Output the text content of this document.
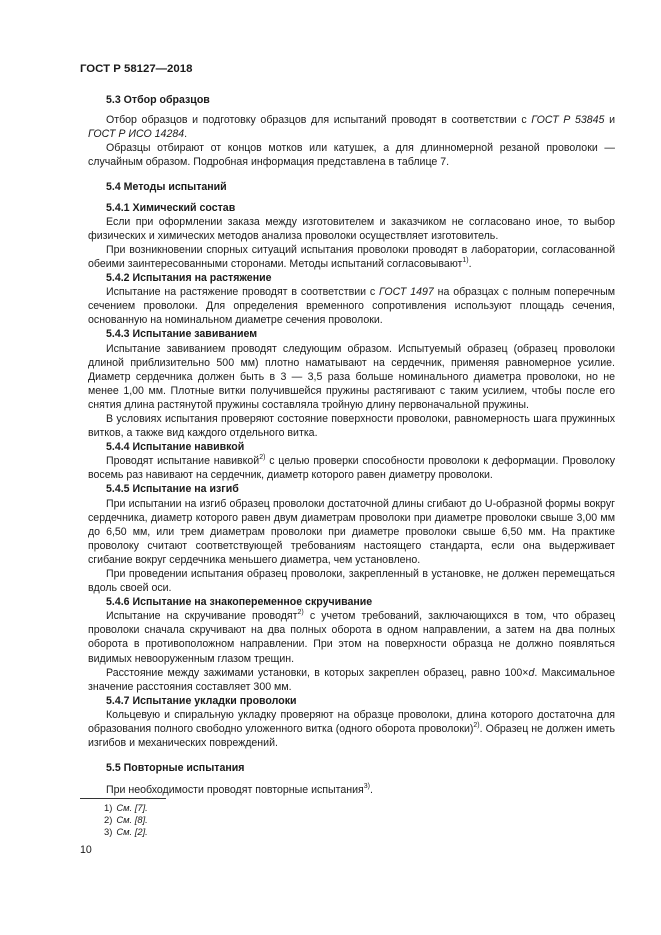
ГОСТ Р 58127—2018
5.3 Отбор образцов

Отбор образцов и подготовку образцов для испытаний проводят в соответствии с ГОСТ Р 53845 и ГОСТ Р ИСО 14284.

Образцы отбирают от концов мотков или катушек, а для длинномерной резаной проволоки — случайным образом. Подробная информация представлена в таблице 7.

5.4 Методы испытаний
5.4.1 Химический состав

Если при оформлении заказа между изготовителем и заказчиком не согласовано иное, то выбор физических и химических методов анализа проволоки осуществляет изготовитель.

При возникновении спорных ситуаций испытания проволоки проводят в лаборатории, согласованной обеими заинтересованными сторонами. Методы испытаний согласовывают$^{1)}$.

5.4.2 Испытания на растяжение

Испытание на растяжение проводят в соответствии с ГОСТ 1497 на образцах с полным поперечным сечением проволоки. Для определения временного сопротивления используют площадь сечения, основанную на номинальном диаметре сечения проволоки.

5.4.3 Испытание завиванием

Испытание завиванием проводят следующим образом. Испытуемый образец (образец проволоки длиной приблизительно 500 мм) плотно наматывают на сердечник, применяя равномерное усилие. Диаметр сердечника должен быть в 3 — 3,5 раза больше номинального диаметра проволоки, но не менее 1,00 мм. Плотные витки получившейся пружины растягивают с таким усилием, чтобы после его снятия длина растянутой пружины составляла тройную длину первоначальной пружины.

В условиях испытания проверяют состояние поверхности проволоки, равномерность шага пружинных витков, а также вид каждого отдельного витка.

5.4.4 Испытание навивкой

Проводят испытание навивкой$^{2)}$ с целью проверки способности проволоки к деформации. Проволоку восемь раз навивают на сердечник, диаметр которого равен диаметру проволоки.

5.4.5 Испытание на изгиб

При испытании на изгиб образец проволоки достаточной длины сгибают до U-образной формы вокруг сердечника, диаметр которого равен двум диаметрам проволоки при диаметре проволоки свыше 3,00 мм до 6,50 мм, или трем диаметрам проволоки при диаметре проволоки свыше 6,50 мм. На практике проволоку считают соответствующей требованиям настоящего стандарта, если она выдерживает сгибание вокруг сердечника меньшего диаметра, чем установлено.

При проведении испытания образец проволоки, закрепленный в установке, не должен перемещаться вдоль своей оси.

5.4.6 Испытание на знакопеременное скручивание

Испытание на скручивание проводят$^{2)}$ с учетом требований, заключающихся в том, что образец проволоки сначала скручивают на два полных оборота в одном направлении, а затем на два полных оборота в противоположном направлении. При этом на поверхности образца не должно появляться видимых невооруженным глазом трещин.

Расстояние между зажимами установки, в которых закреплен образец, равно 100×d. Максимальное значение расстояния составляет 300 мм.

5.4.7 Испытание укладки проволоки

Кольцевую и спиральную укладку проверяют на образце проволоки, длина которого достаточна для образования полного свободно уложенного витка (одного оборота проволоки)$^{2)}$. Образец не должен иметь изгибов и механических повреждений.

5.5 Повторные испытания

При необходимости проводят повторные испытания$^{3)}$.

1) См. [7].
2) См. [8].
3) См. [2].
10
